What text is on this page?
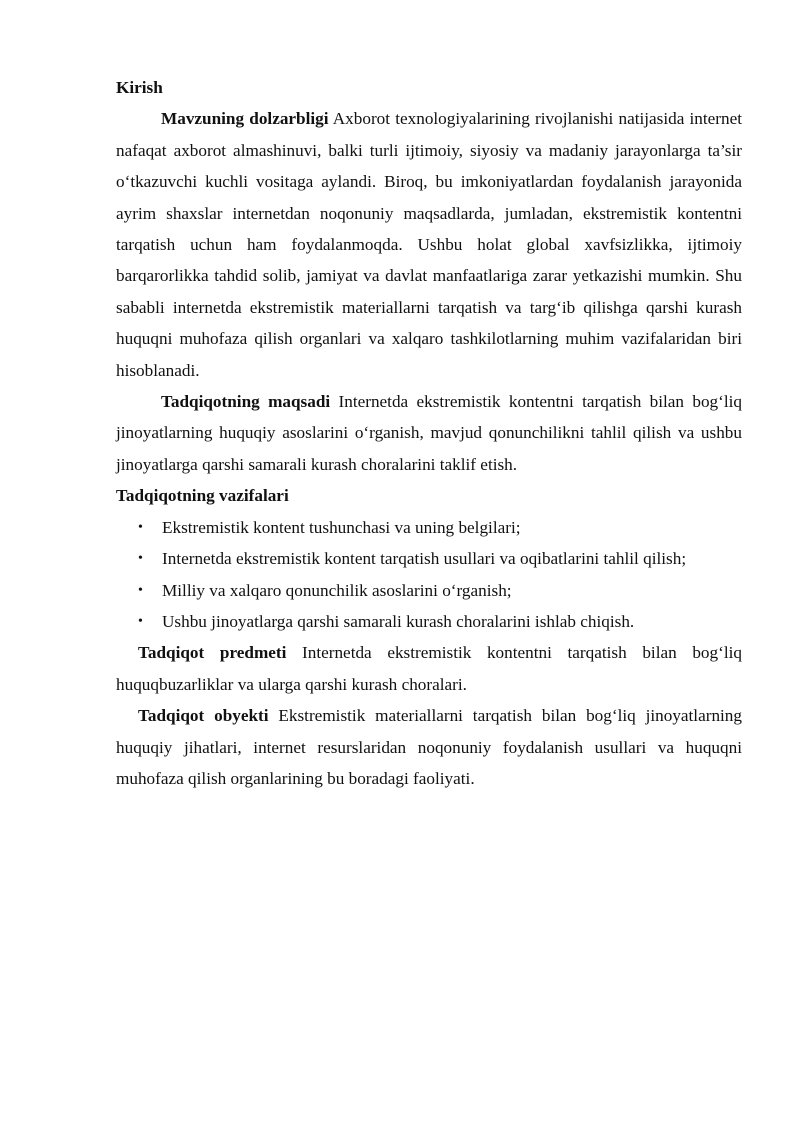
Kirish

Mavzuning dolzarbligi Axborot texnologiyalarining rivojlanishi natijasida internet nafaqat axborot almashinuvi, balki turli ijtimoiy, siyosiy va madaniy jarayonlarga ta’sir o‘tkazuvchi kuchli vositaga aylandi. Biroq, bu imkoniyatlardan foydalanish jarayonida ayrim shaxslar internetdan noqonuniy maqsadlarda, jumladan, ekstremistik kontentni tarqatish uchun ham foydalanmoqda. Ushbu holat global xavfsizlikka, ijtimoiy barqarorlikka tahdid solib, jamiyat va davlat manfaatlariga zarar yetkazishi mumkin. Shu sababli internetda ekstremistik materiallarni tarqatish va targ‘ib qilishga qarshi kurash huquqni muhofaza qilish organlari va xalqaro tashkilotlarning muhim vazifalaridan biri hisoblanadi.

Tadqiqotning maqsadi Internetda ekstremistik kontentni tarqatish bilan bog‘liq jinoyatlarning huquqiy asoslarini o‘rganish, mavjud qonunchilikni tahlil qilish va ushbu jinoyatlarga qarshi samarali kurash choralarini taklif etish.

Tadqiqotning vazifalari

• Ekstremistik kontent tushunchasi va uning belgilari;
• Internetda ekstremistik kontent tarqatish usullari va oqibatlarini tahlil qilish;
• Milliy va xalqaro qonunchilik asoslarini o‘rganish;
• Ushbu jinoyatlarga qarshi samarali kurash choralarini ishlab chiqish.

Tadqiqot predmeti Internetda ekstremistik kontentni tarqatish bilan bog‘liq huquqbuzarliklar va ularga qarshi kurash choralari.

Tadqiqot obyekti Ekstremistik materiallarni tarqatish bilan bog‘liq jinoyatlarning huquqiy jihatlari, internet resurslaridan noqonuniy foydalanish usullari va huquqni muhofaza qilish organlarining bu boradagi faoliyati.
